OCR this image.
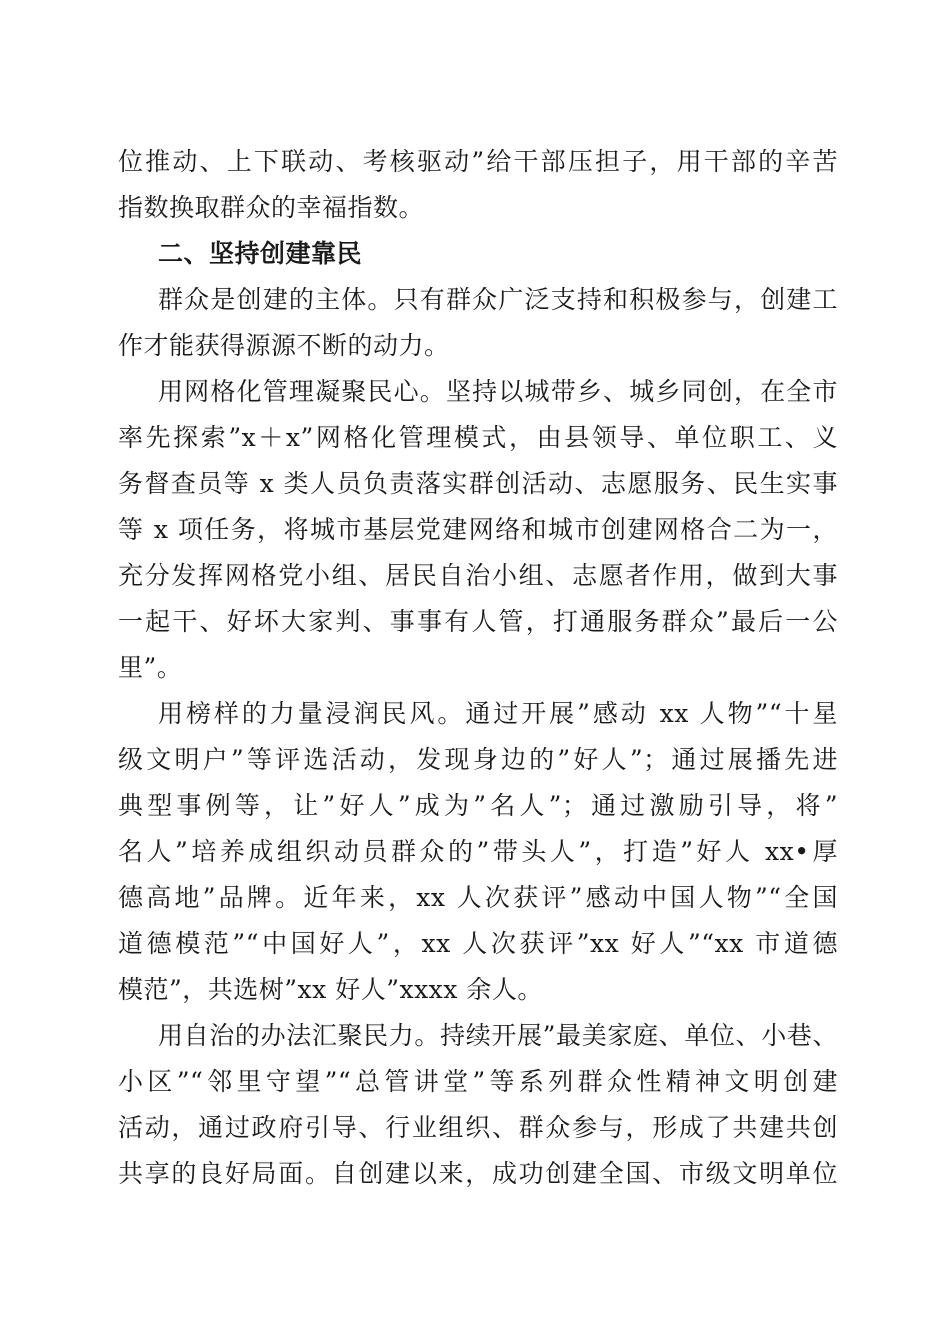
位推动、上下联动、考核驱动”给干部压担子，用干部的辛苦
指数换取群众的幸福指数。
二、坚持创建靠民
群众是创建的主体。只有群众广泛支持和积极参与，创建工
作才能获得源源不断的动力。
用网格化管理凝聚民心。坚持以城带乡、城乡同创，在全市
率先探索”x＋x”网格化管理模式，由县领导、单位职工、义
务督查员等 x 类人员负责落实群创活动、志愿服务、民生实事
等 x 项任务，将城市基层党建网络和城市创建网格合二为一，
充分发挥网格党小组、居民自治小组、志愿者作用，做到大事
一起干、好坏大家判、事事有人管，打通服务群众”最后一公
里”。
用榜样的力量浸润民风。通过开展”感动 xx 人物”“十星
级文明户”等评选活动，发现身边的”好人”；通过展播先进
典型事例等，让”好人”成为”名人”；通过激励引导，将”
名人”培养成组织动员群众的”带头人”，打造”好人 xx•厚
德高地”品牌。近年来，xx 人次获评”感动中国人物”“全国
道德模范”“中国好人”，xx 人次获评”xx 好人”“xx 市道德
模范”，共选树”xx 好人”xxxx 余人。
用自治的办法汇聚民力。持续开展”最美家庭、单位、小巷、
小区”“邻里守望”“总管讲堂”等系列群众性精神文明创建
活动，通过政府引导、行业组织、群众参与，形成了共建共创
共享的良好局面。自创建以来，成功创建全国、市级文明单位
